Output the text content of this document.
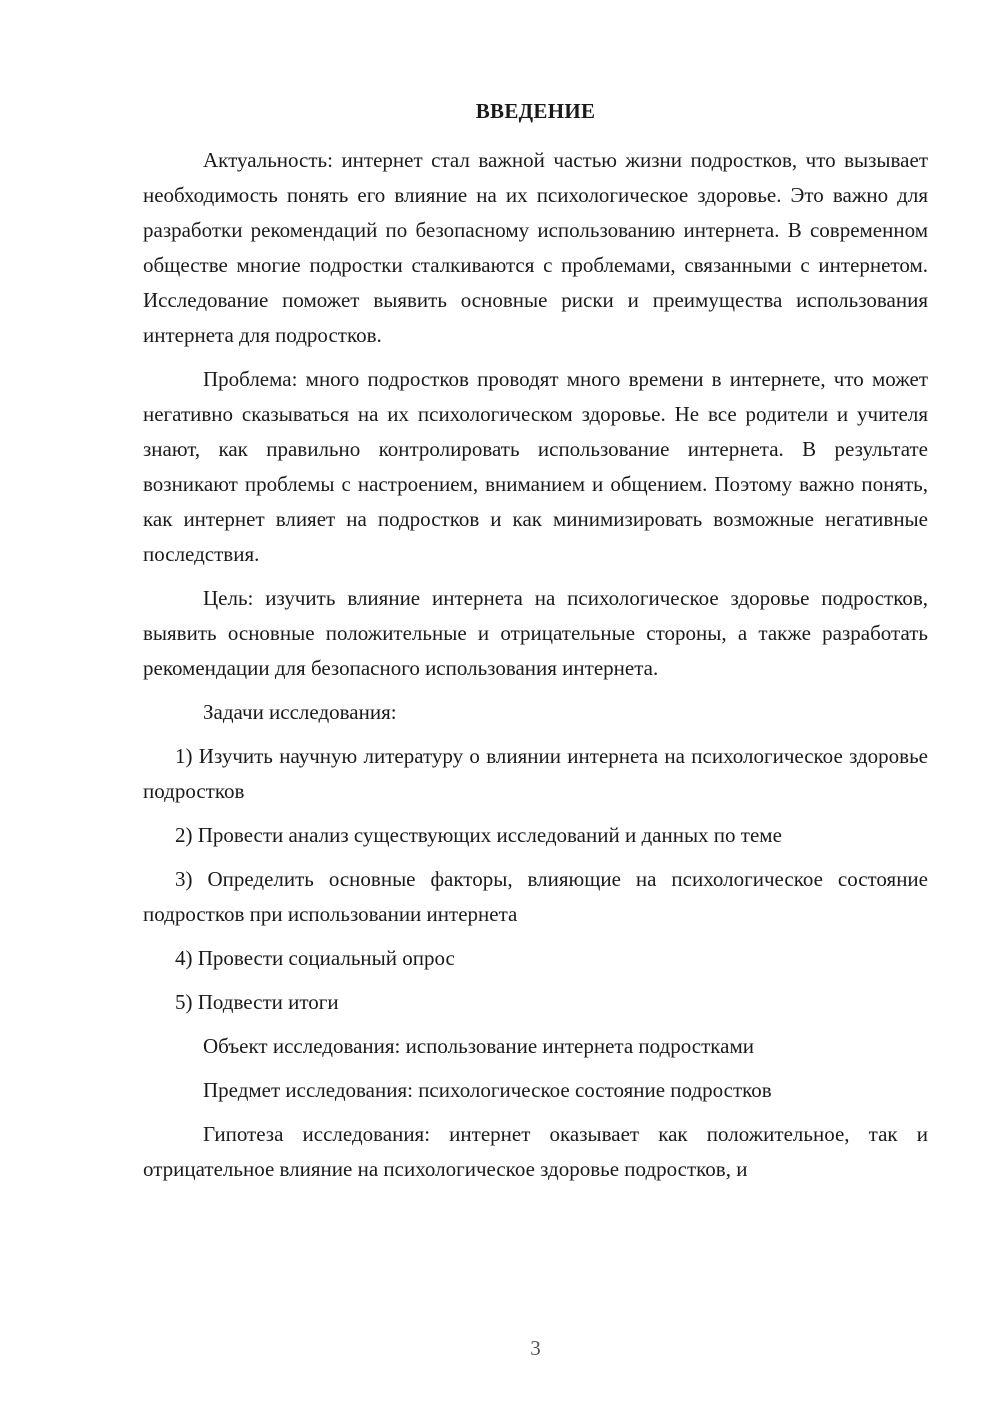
ВВЕДЕНИЕ

Актуальность: интернет стал важной частью жизни подростков, что вызывает необходимость понять его влияние на их психологическое здоровье. Это важно для разработки рекомендаций по безопасному использованию интернета. В современном обществе многие подростки сталкиваются с проблемами, связанными с интернетом. Исследование поможет выявить основные риски и преимущества использования интернета для подростков.

Проблема: много подростков проводят много времени в интернете, что может негативно сказываться на их психологическом здоровье. Не все родители и учителя знают, как правильно контролировать использование интернета. В результате возникают проблемы с настроением, вниманием и общением. Поэтому важно понять, как интернет влияет на подростков и как минимизировать возможные негативные последствия.

Цель: изучить влияние интернета на психологическое здоровье подростков, выявить основные положительные и отрицательные стороны, а также разработать рекомендации для безопасного использования интернета.

Задачи исследования:

1) Изучить научную литературу о влиянии интернета на психологическое здоровье подростков

2) Провести анализ существующих исследований и данных по теме

3) Определить основные факторы, влияющие на психологическое состояние подростков при использовании интернета

4) Провести социальный опрос

5) Подвести итоги

Объект исследования: использование интернета подростками

Предмет исследования: психологическое состояние подростков

Гипотеза исследования: интернет оказывает как положительное, так и отрицательное влияние на психологическое здоровье подростков, и

3
